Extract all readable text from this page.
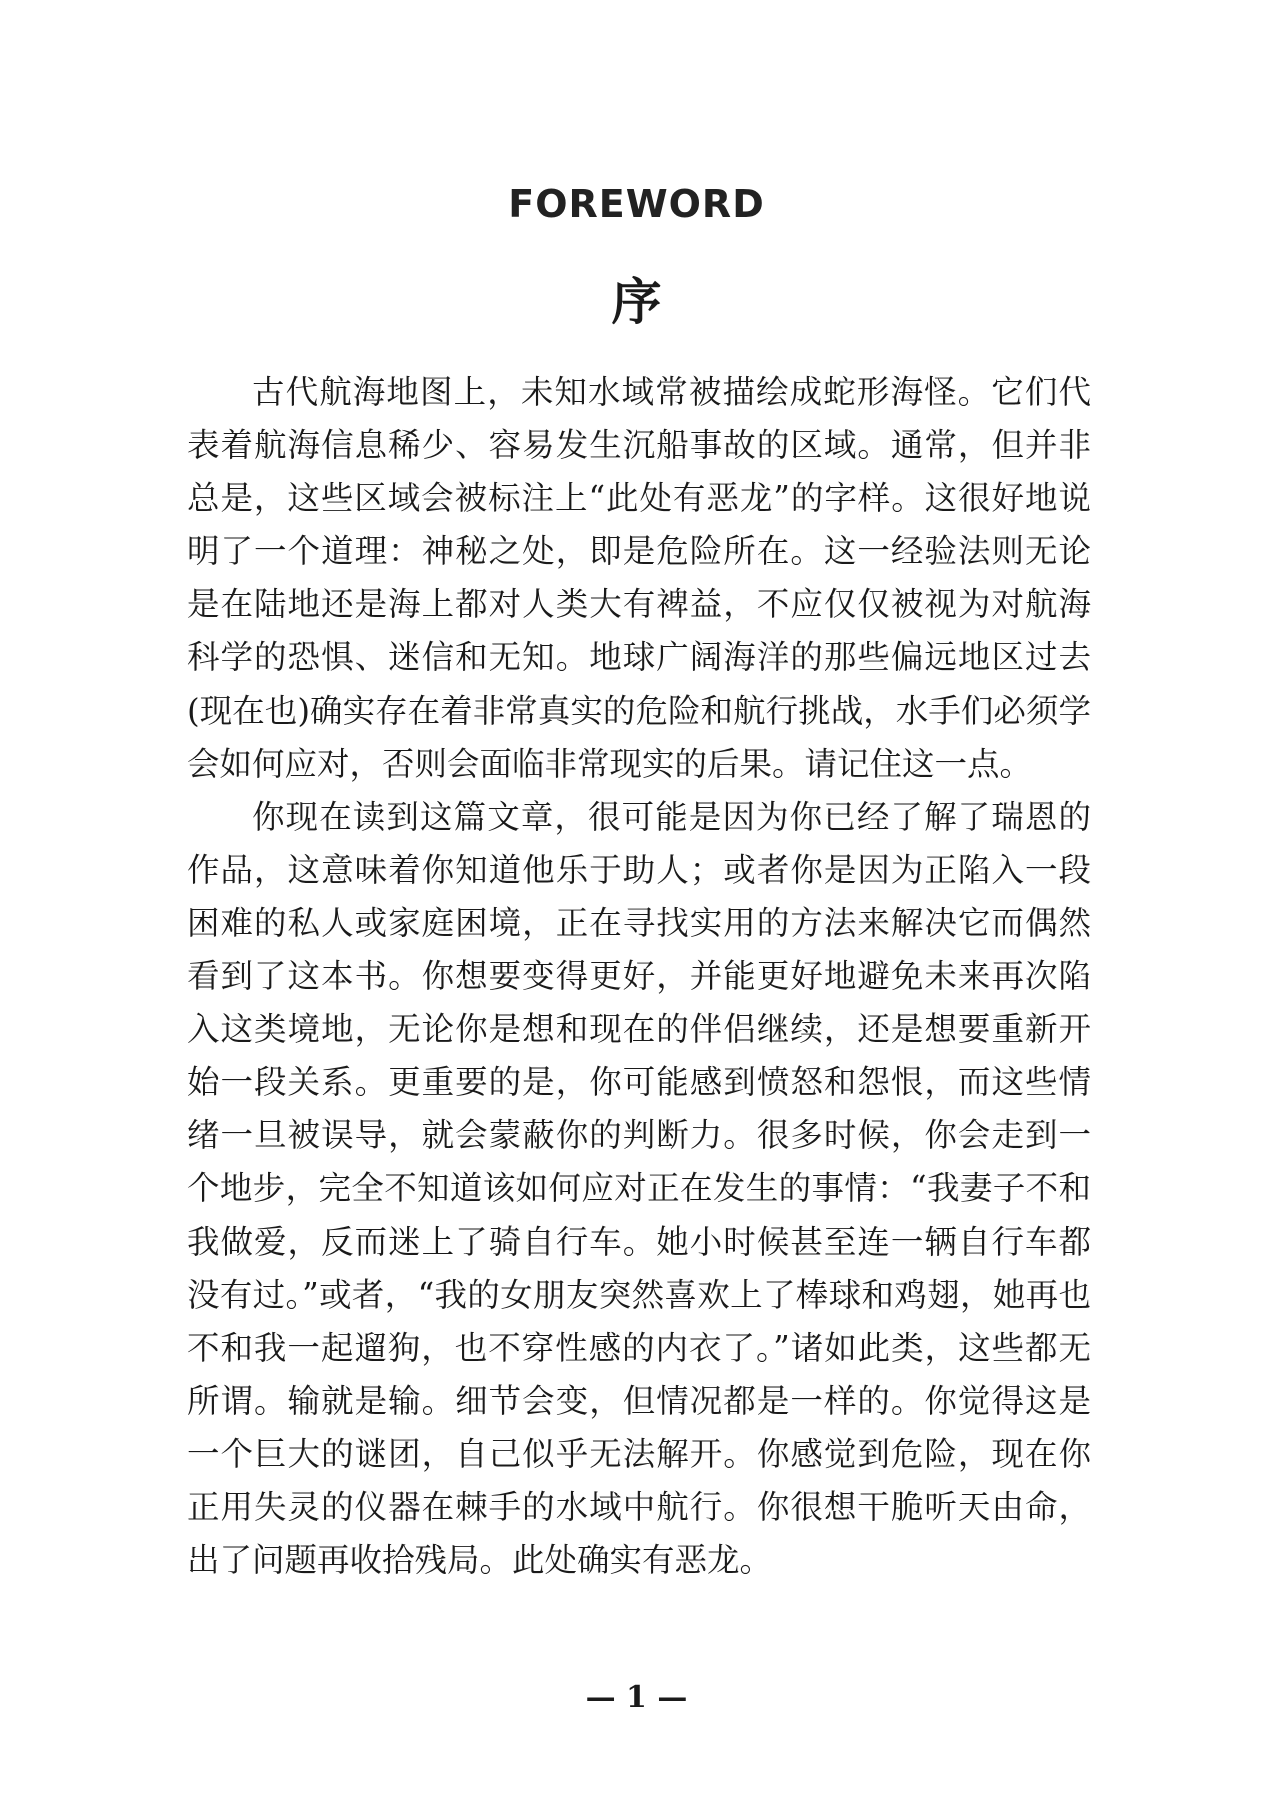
FOREWORD
序

古代航海地图上，未知水域常被描绘成蛇形海怪。它们代表着航海信息稀少、容易发生沉船事故的区域。通常，但并非总是，这些区域会被标注上“此处有恶龙”的字样。这很好地说明了一个道理：神秘之处，即是危险所在。这一经验法则无论是在陆地还是海上都对人类大有裨益，不应仅仅被视为对航海科学的恐惧、迷信和无知。地球广阔海洋的那些偏远地区过去(现在也)确实存在着非常真实的危险和航行挑战，水手们必须学会如何应对，否则会面临非常现实的后果。请记住这一点。

你现在读到这篇文章，很可能是因为你已经了解了瑞恩的作品，这意味着你知道他乐于助人；或者你是因为正陷入一段困难的私人或家庭困境，正在寻找实用的方法来解决它而偶然看到了这本书。你想要变得更好，并能更好地避免未来再次陷入这类境地，无论你是想和现在的伴侣继续，还是想要重新开始一段关系。更重要的是，你可能感到愤怒和怨恨，而这些情绪一旦被误导，就会蒙蔽你的判断力。很多时候，你会走到一个地步，完全不知道该如何应对正在发生的事情：“我妻子不和我做爱，反而迷上了骑自行车。她小时候甚至连一辆自行车都没有过。”或者，“我的女朋友突然喜欢上了棒球和鸡翅，她再也不和我一起遛狗，也不穿性感的内衣了。”诸如此类，这些都无所谓。输就是输。细节会变，但情况都是一样的。你觉得这是一个巨大的谜团，自己似乎无法解开。你感觉到危险，现在你正用失灵的仪器在棘手的水域中航行。你很想干脆听天由命，出了问题再收拾残局。此处确实有恶龙。

— 1 —
